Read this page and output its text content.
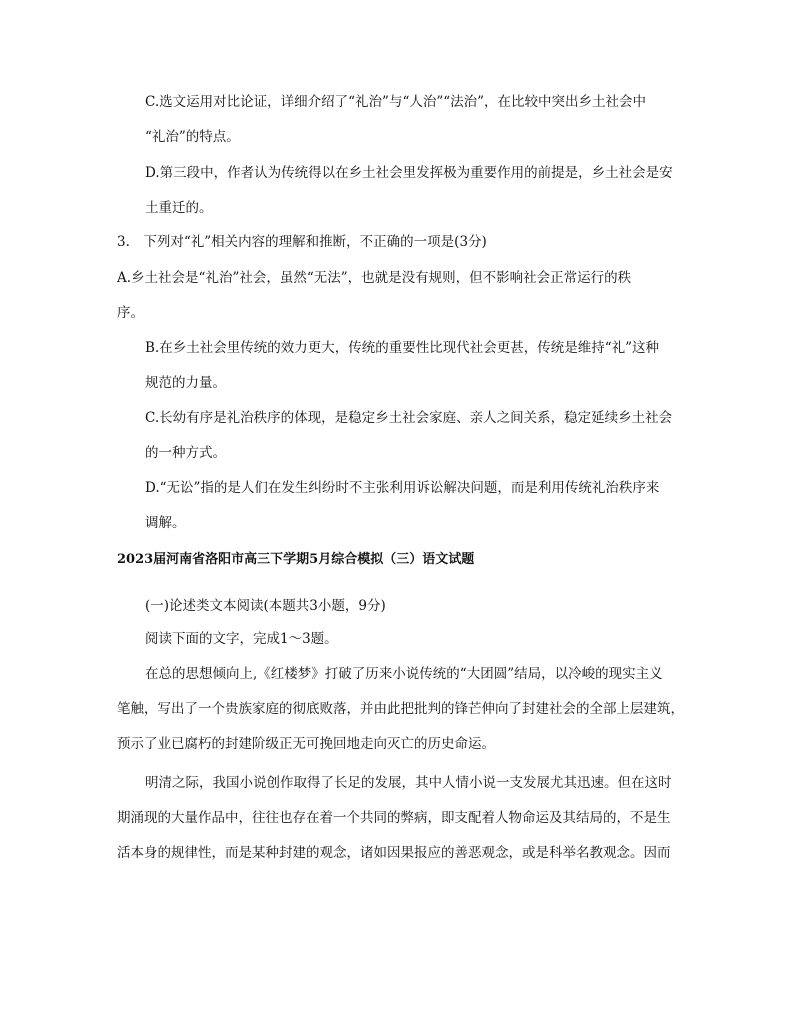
C.选文运用对比论证，详细介绍了“礼治”与“人治”“法治”，在比较中突出乡土社会中
“礼治”的特点。
D.第三段中，作者认为传统得以在乡土社会里发挥极为重要作用的前提是，乡土社会是安
土重迁的。
3.　下列对“礼”相关内容的理解和推断，不正确的一项是(3分)
A.乡土社会是“礼治”社会，虽然“无法”，也就是没有规则，但不影响社会正常运行的秩
序。
B.在乡土社会里传统的效力更大，传统的重要性比现代社会更甚，传统是维持“礼”这种
规范的力量。
C.长幼有序是礼治秩序的体现，是稳定乡土社会家庭、亲人之间关系，稳定延续乡土社会
的一种方式。
D.“无讼”指的是人们在发生纠纷时不主张利用诉讼解决问题，而是利用传统礼治秩序来
调解。
2023届河南省洛阳市高三下学期5月综合模拟（三）语文试题
(一)论述类文本阅读(本题共3小题，9分)
阅读下面的文字，完成1～3题。
在总的思想倾向上,《红楼梦》打破了历来小说传统的“大团圆”结局，以冷峻的现实主义
笔触，写出了一个贵族家庭的彻底败落，并由此把批判的锋芒伸向了封建社会的全部上层建筑，
预示了业已腐朽的封建阶级正无可挽回地走向灭亡的历史命运。
明清之际，我国小说创作取得了长足的发展，其中人情小说一支发展尤其迅速。但在这时
期涌现的大量作品中，往往也存在着一个共同的弊病，即支配着人物命运及其结局的，不是生
活本身的规律性，而是某种封建的观念，诸如因果报应的善恶观念，或是科举名教观念。因而
